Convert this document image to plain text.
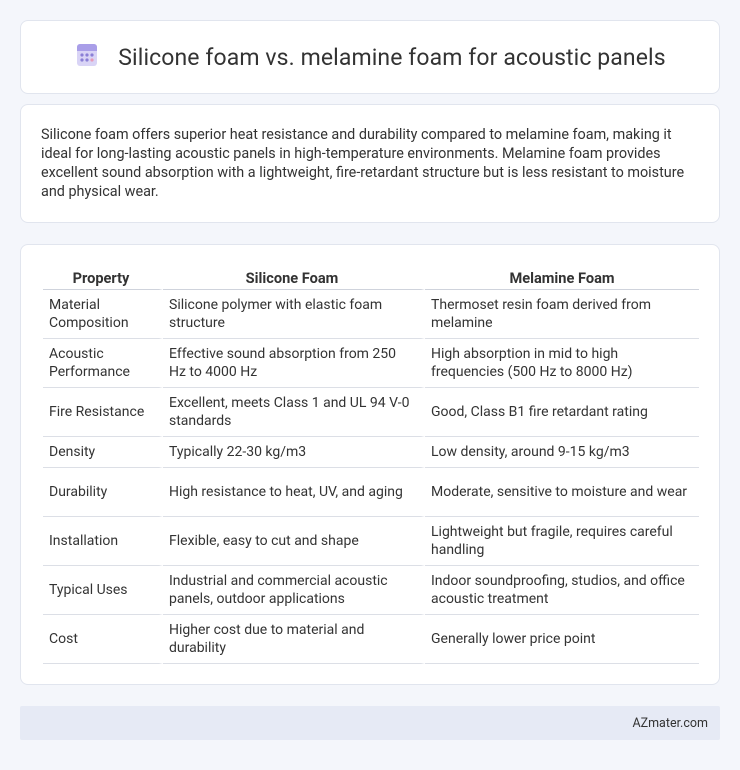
Silicone foam vs. melamine foam for acoustic panels

Silicone foam offers superior heat resistance and durability compared to melamine foam, making it ideal for long-lasting acoustic panels in high-temperature environments. Melamine foam provides excellent sound absorption with a lightweight, fire-retardant structure but is less resistant to moisture and physical wear.

Property	Silicone Foam	Melamine Foam
Material Composition	Silicone polymer with elastic foam structure	Thermoset resin foam derived from melamine
Acoustic Performance	Effective sound absorption from 250 Hz to 4000 Hz	High absorption in mid to high frequencies (500 Hz to 8000 Hz)
Fire Resistance	Excellent, meets Class 1 and UL 94 V-0 standards	Good, Class B1 fire retardant rating
Density	Typically 22-30 kg/m3	Low density, around 9-15 kg/m3
Durability	High resistance to heat, UV, and aging	Moderate, sensitive to moisture and wear
Installation	Flexible, easy to cut and shape	Lightweight but fragile, requires careful handling
Typical Uses	Industrial and commercial acoustic panels, outdoor applications	Indoor soundproofing, studios, and office acoustic treatment
Cost	Higher cost due to material and durability	Generally lower price point
AZmater.com
